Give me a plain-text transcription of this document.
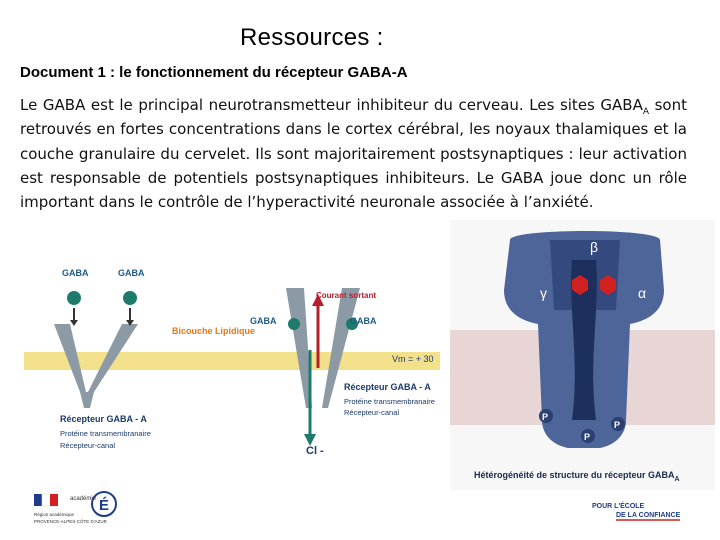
Ressources :
Document 1 : le fonctionnement du récepteur GABA-A
Le GABA est le principal neurotransmetteur inhibiteur du cerveau. Les sites $GABA_A$ sont retrouvés en fortes concentrations dans le cortex cérébral, les noyaux thalamiques et la couche granulaire du cervelet. Ils sont majoritairement postsynaptiques : leur activation est responsable de potentiels postsynaptiques inhibiteurs. Le GABA joue donc un rôle important dans le contrôle de l’hyperactivité neuronale associée à l’anxiété.
GABA	GABA
Bicouche Lipidique
Récepteur GABA - A
Protéine transmembranaire
Récepteur-canal
Courant sortant
GABA	GABA
Vm = + 30
Récepteur GABA - A
Protéine transmembranaire
Récepteur-canal
Cl -
P
P
P
β
γ	α
Hétérogénéité de structure du récepteur $GABA_A$
É
académie
Région académique
PROVENCE-ALPES-CÔTE D'AZUR
POUR L'ÉCOLE
DE LA CONFIANCE
